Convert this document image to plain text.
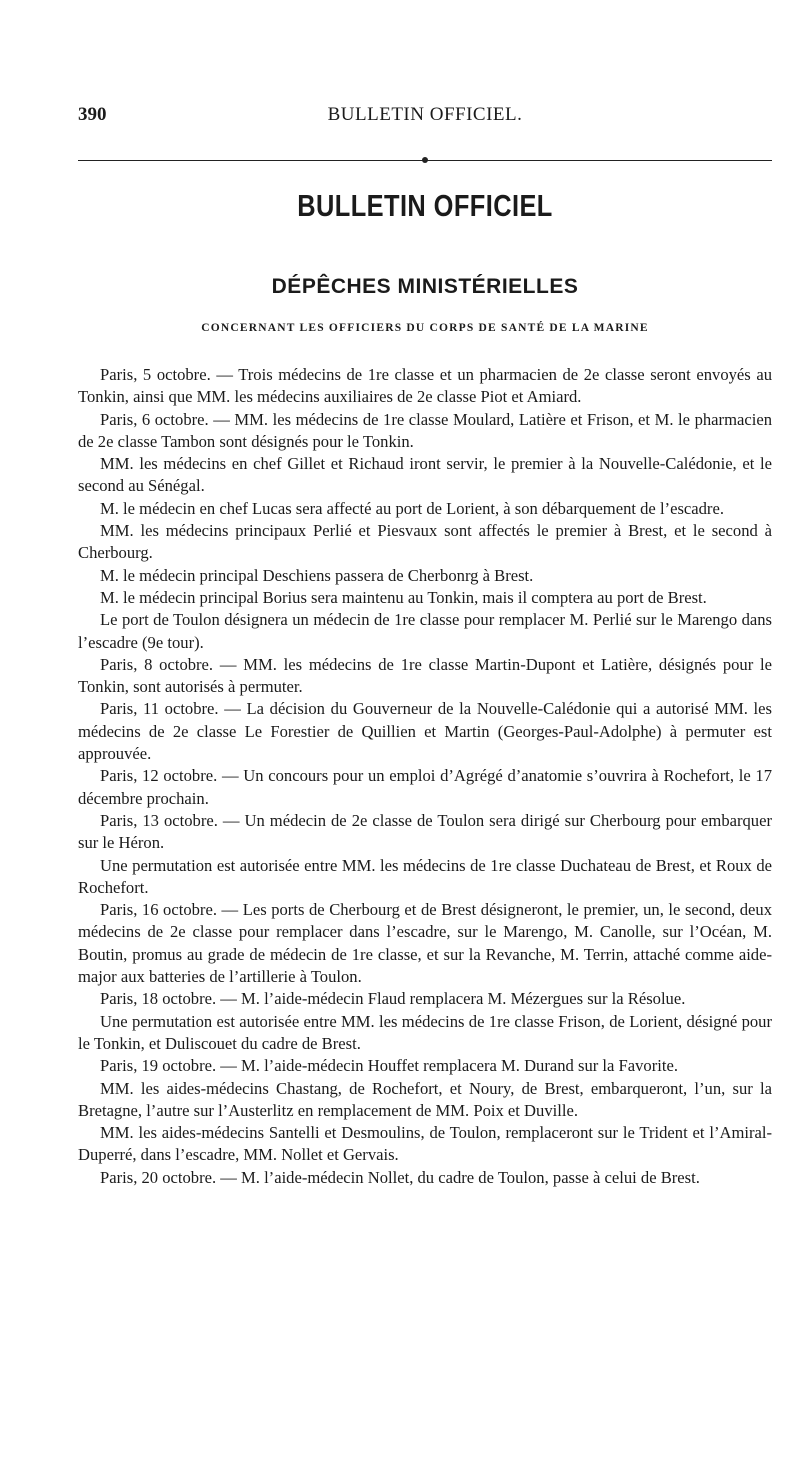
390	BULLETIN OFFICIEL.
BULLETIN OFFICIEL
DÉPÊCHES MINISTÉRIELLES
CONCERNANT LES OFFICIERS DU CORPS DE SANTÉ DE LA MARINE

Paris, 5 octobre. — Trois médecins de 1re classe et un pharmacien de 2e classe seront envoyés au Tonkin, ainsi que MM. les médecins auxiliaires de 2e classe Piot et Amiard.

Paris, 6 octobre. — MM. les médecins de 1re classe Moulard, Latière et Frison, et M. le pharmacien de 2e classe Tambon sont désignés pour le Tonkin.

MM. les médecins en chef Gillet et Richaud iront servir, le premier à la Nouvelle-Calédonie, et le second au Sénégal.

M. le médecin en chef Lucas sera affecté au port de Lorient, à son débarquement de l’escadre.

MM. les médecins principaux Perlié et Piesvaux sont affectés le premier à Brest, et le second à Cherbourg.

M. le médecin principal Deschiens passera de Cherbonrg à Brest.

M. le médecin principal Borius sera maintenu au Tonkin, mais il comptera au port de Brest.

Le port de Toulon désignera un médecin de 1re classe pour remplacer M. Perlié sur le Marengo dans l’escadre (9e tour).

Paris, 8 octobre. — MM. les médecins de 1re classe Martin-Dupont et Latière, désignés pour le Tonkin, sont autorisés à permuter.

Paris, 11 octobre. — La décision du Gouverneur de la Nouvelle-Calédonie qui a autorisé MM. les médecins de 2e classe Le Forestier de Quillien et Martin (Georges-Paul-Adolphe) à permuter est approuvée.

Paris, 12 octobre. — Un concours pour un emploi d’Agrégé d’anatomie s’ouvrira à Rochefort, le 17 décembre prochain.

Paris, 13 octobre. — Un médecin de 2e classe de Toulon sera dirigé sur Cherbourg pour embarquer sur le Héron.

Une permutation est autorisée entre MM. les médecins de 1re classe Duchateau de Brest, et Roux de Rochefort.

Paris, 16 octobre. — Les ports de Cherbourg et de Brest désigneront, le premier, un, le second, deux médecins de 2e classe pour remplacer dans l’escadre, sur le Marengo, M. Canolle, sur l’Océan, M. Boutin, promus au grade de médecin de 1re classe, et sur la Revanche, M. Terrin, attaché comme aide-major aux batteries de l’artillerie à Toulon.

Paris, 18 octobre. — M. l’aide-médecin Flaud remplacera M. Mézergues sur la Résolue.

Une permutation est autorisée entre MM. les médecins de 1re classe Frison, de Lorient, désigné pour le Tonkin, et Duliscouet du cadre de Brest.

Paris, 19 octobre. — M. l’aide-médecin Houffet remplacera M. Durand sur la Favorite.

MM. les aides-médecins Chastang, de Rochefort, et Noury, de Brest, embarqueront, l’un, sur la Bretagne, l’autre sur l’Austerlitz en remplacement de MM. Poix et Duville.

MM. les aides-médecins Santelli et Desmoulins, de Toulon, remplaceront sur le Trident et l’Amiral-Duperré, dans l’escadre, MM. Nollet et Gervais.

Paris, 20 octobre. — M. l’aide-médecin Nollet, du cadre de Toulon, passe à celui de Brest.
